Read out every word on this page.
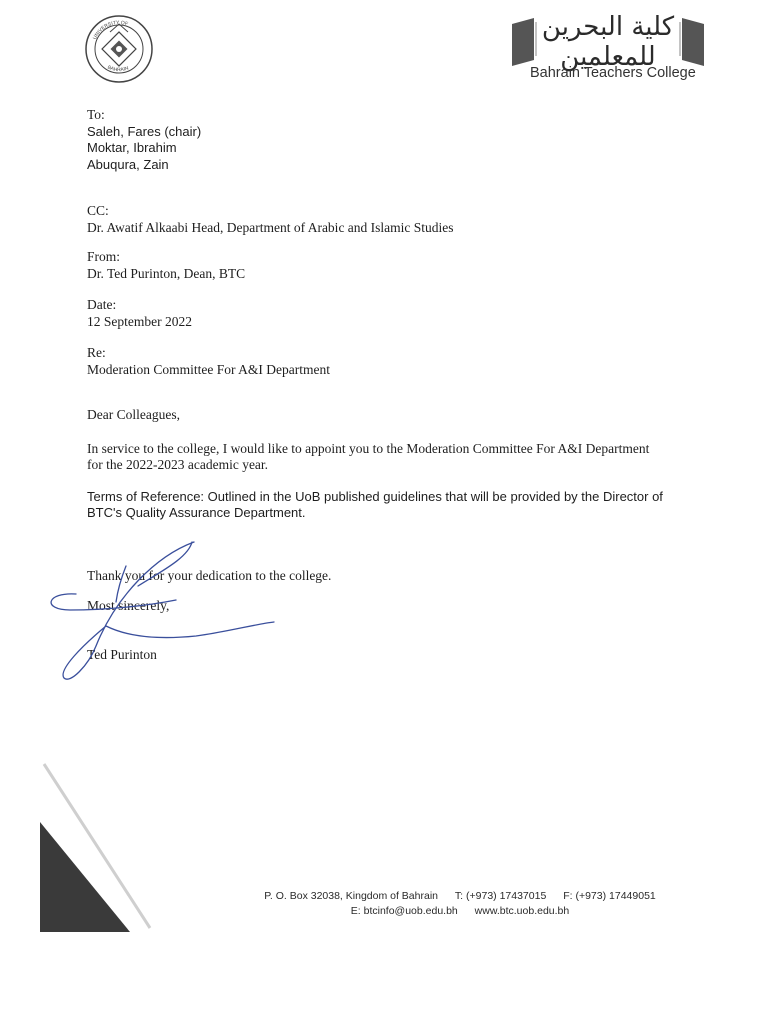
UNIVERSITY OF
BAHRAIN
كلية البحرين للمعلمين
Bahrain Teachers College
To:
Saleh, Fares (chair)
Moktar, Ibrahim
Abuqura, Zain
CC:
Dr. Awatif Alkaabi Head, Department of Arabic and Islamic Studies
From:
Dr. Ted Purinton, Dean, BTC
Date:
12 September 2022
Re:
Moderation Committee For A&I Department
Dear Colleagues,
In service to the college, I would like to appoint you to the Moderation Committee For A&I Department
for the 2022-2023 academic year.
Terms of Reference: Outlined in the UoB published guidelines that will be provided by the Director of
BTC's Quality Assurance Department.
Thank you for your dedication to the college.
Most sincerely,
Ted Purinton
P. O. Box 32038, Kingdom of Bahrain T: (+973) 17437015 F: (+973) 17449051
E: btcinfo@uob.edu.bh www.btc.uob.edu.bh
